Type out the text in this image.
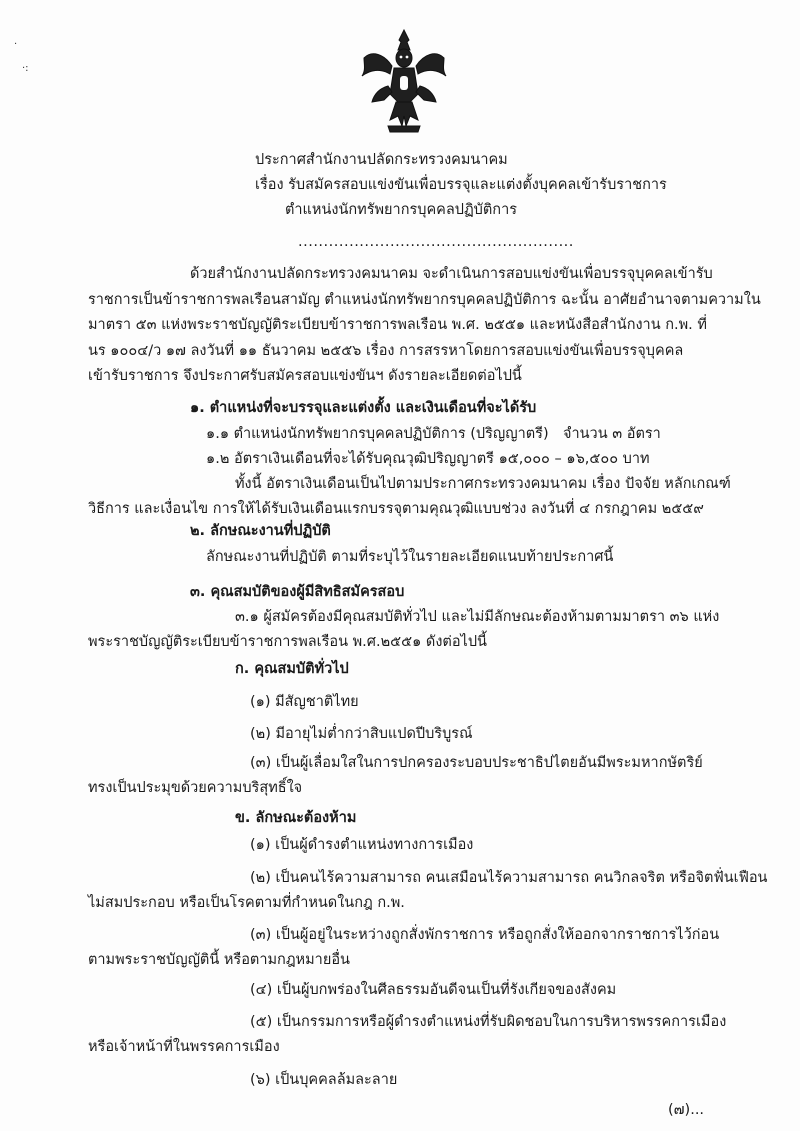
·
·:
ประกาศสำนักงานปลัดกระทรวงคมนาคม
เรื่อง รับสมัครสอบแข่งขันเพื่อบรรจุและแต่งตั้งบุคคลเข้ารับราชการ
ตำแหน่งนักทรัพยากรบุคคลปฏิบัติการ
......................................................
ด้วยสำนักงานปลัดกระทรวงคมนาคม จะดำเนินการสอบแข่งขันเพื่อบรรจุบุคคลเข้ารับ
ราชการเป็นข้าราชการพลเรือนสามัญ ตำแหน่งนักทรัพยากรบุคคลปฏิบัติการ ฉะนั้น อาศัยอำนาจตามความใน
มาตรา ๕๓ แห่งพระราชบัญญัติระเบียบข้าราชการพลเรือน พ.ศ. ๒๕๕๑ และหนังสือสำนักงาน ก.พ. ที่
นร ๑๐๐๔/ว ๑๗ ลงวันที่ ๑๑ ธันวาคม ๒๕๕๖ เรื่อง การสรรหาโดยการสอบแข่งขันเพื่อบรรจุบุคคล
เข้ารับราชการ จึงประกาศรับสมัครสอบแข่งขันฯ ดังรายละเอียดต่อไปนี้
๑. ตำแหน่งที่จะบรรจุและแต่งตั้ง และเงินเดือนที่จะได้รับ
๑.๑ ตำแหน่งนักทรัพยากรบุคคลปฏิบัติการ (ปริญญาตรี) จำนวน ๓ อัตรา
๑.๒ อัตราเงินเดือนที่จะได้รับคุณวุฒิปริญญาตรี ๑๕,๐๐๐ – ๑๖,๕๐๐ บาท
ทั้งนี้ อัตราเงินเดือนเป็นไปตามประกาศกระทรวงคมนาคม เรื่อง ปัจจัย หลักเกณฑ์
วิธีการ และเงื่อนไข การให้ได้รับเงินเดือนแรกบรรจุตามคุณวุฒิแบบช่วง ลงวันที่ ๔ กรกฎาคม ๒๕๕๙
๒. ลักษณะงานที่ปฏิบัติ
ลักษณะงานที่ปฏิบัติ ตามที่ระบุไว้ในรายละเอียดแนบท้ายประกาศนี้
๓. คุณสมบัติของผู้มีสิทธิสมัครสอบ
๓.๑ ผู้สมัครต้องมีคุณสมบัติทั่วไป และไม่มีลักษณะต้องห้ามตามมาตรา ๓๖ แห่ง
พระราชบัญญัติระเบียบข้าราชการพลเรือน พ.ศ.๒๕๕๑ ดังต่อไปนี้
ก. คุณสมบัติทั่วไป
(๑) มีสัญชาติไทย
(๒) มีอายุไม่ต่ำกว่าสิบแปดปีบริบูรณ์
(๓) เป็นผู้เลื่อมใสในการปกครองระบอบประชาธิปไตยอันมีพระมหากษัตริย์
ทรงเป็นประมุขด้วยความบริสุทธิ์ใจ
ข. ลักษณะต้องห้าม
(๑) เป็นผู้ดำรงตำแหน่งทางการเมือง
(๒) เป็นคนไร้ความสามารถ คนเสมือนไร้ความสามารถ คนวิกลจริต หรือจิตฟั่นเฟือน
ไม่สมประกอบ หรือเป็นโรคตามที่กำหนดในกฎ ก.พ.
(๓) เป็นผู้อยู่ในระหว่างถูกสั่งพักราชการ หรือถูกสั่งให้ออกจากราชการไว้ก่อน
ตามพระราชบัญญัตินี้ หรือตามกฎหมายอื่น
(๔) เป็นผู้บกพร่องในศีลธรรมอันดีจนเป็นที่รังเกียจของสังคม
(๕) เป็นกรรมการหรือผู้ดำรงตำแหน่งที่รับผิดชอบในการบริหารพรรคการเมือง
หรือเจ้าหน้าที่ในพรรคการเมือง
(๖) เป็นบุคคลล้มละลาย
(๗)...
